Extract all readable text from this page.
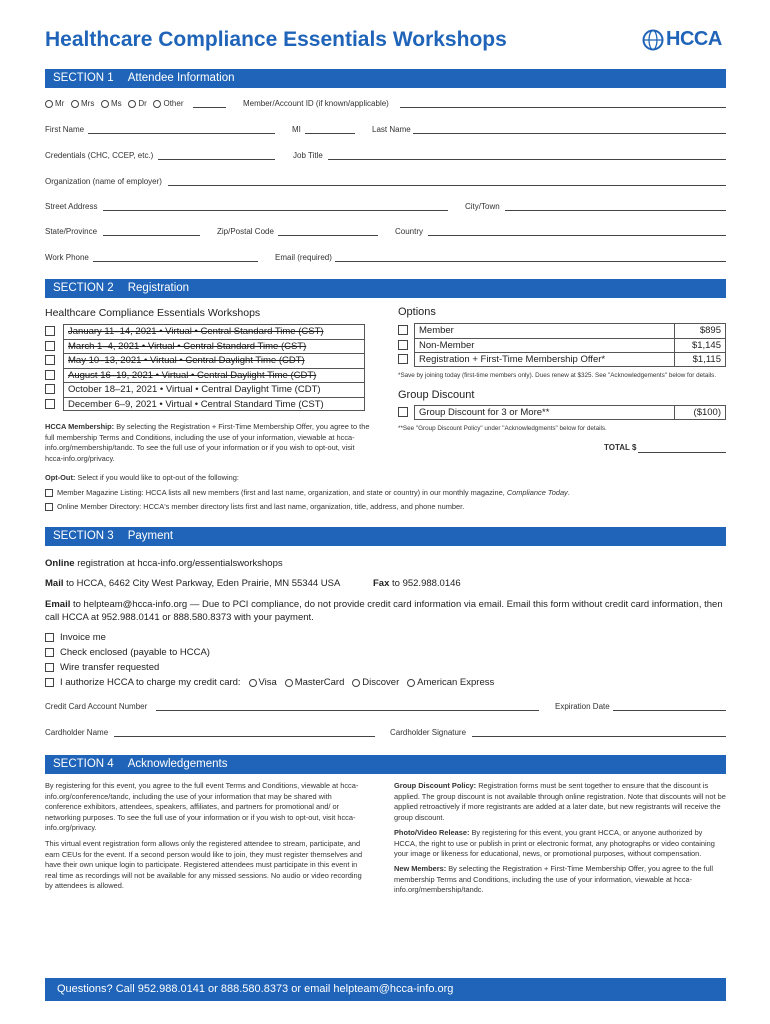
Healthcare Compliance Essentials Workshops	HCCA
SECTION 1 Attendee Information
Mr Mrs Ms Dr Other	Member/Account ID (if known/applicable)
First Name	MI	Last Name
Credentials (CHC, CCEP, etc.)	Job Title
Organization (name of employer)
Street Address	City/Town
State/Province	Zip/Postal Code	Country
Work Phone	Email (required)
SECTION 2 Registration
Healthcare Compliance Essentials Workshops
January 11–14, 2021 • Virtual • Central Standard Time (CST)
March 1–4, 2021 • Virtual • Central Standard Time (CST)
May 10–13, 2021 • Virtual • Central Daylight Time (CDT)
August 16–19, 2021 • Virtual • Central Daylight Time (CDT)
October 18–21, 2021 • Virtual • Central Daylight Time (CDT)
December 6–9, 2021 • Virtual • Central Standard Time (CST)
Options
Member	$895
Non-Member	$1,145
Registration + First-Time Membership Offer*	$1,115
*Save by joining today (first-time members only). Dues renew at $325. See "Acknowledgements" below for details.
Group Discount
Group Discount for 3 or More**	($100)
**See "Group Discount Policy" under "Acknowledgments" below for details.
TOTAL $
HCCA Membership: By selecting the Registration + First-Time Membership Offer, you agree to the full membership Terms and Conditions, including the use of your information, viewable at hcca-info.org/membership/tandc. To see the full use of your information or if you wish to opt-out, visit hcca-info.org/privacy.
Opt-Out: Select if you would like to opt-out of the following:
Member Magazine Listing: HCCA lists all new members (first and last name, organization, and state or country) in our monthly magazine, Compliance Today.
Online Member Directory: HCCA's member directory lists first and last name, organization, title, address, and phone number.
SECTION 3 Payment
Online registration at hcca-info.org/essentialsworkshops
Mail to HCCA, 6462 City West Parkway, Eden Prairie, MN 55344 USA	Fax to 952.988.0146
Email to helpteam@hcca-info.org — Due to PCI compliance, do not provide credit card information via email. Email this form without credit card information, then call HCCA at 952.988.0141 or 888.580.8373 with your payment.
Invoice me
Check enclosed (payable to HCCA)
Wire transfer requested
I authorize HCCA to charge my credit card:
Visa
MasterCard
Discover
American Express
Credit Card Account Number	Expiration Date
Cardholder Name	Cardholder Signature
SECTION 4 Acknowledgements
By registering for this event, you agree to the full event Terms and Conditions, viewable at hcca-info.org/conference/tandc, including the use of your information that may be shared with conference exhibitors, attendees, speakers, affiliates, and partners for promotional and/ or networking purposes. To see the full use of your information or if you wish to opt-out, visit hcca-info.org/privacy.
This virtual event registration form allows only the registered attendee to stream, participate, and earn CEUs for the event. If a second person would like to join, they must register themselves and have their own unique login to participate. Registered attendees must participate in this event in real time as recordings will not be available for any missed sessions. No audio or video recording by attendees is allowed.
Group Discount Policy: Registration forms must be sent together to ensure that the discount is applied. The group discount is not available through online registration. Note that discounts will not be applied retroactively if more registrants are added at a later date, but new registrants will receive the group discount.
Photo/Video Release: By registering for this event, you grant HCCA, or anyone authorized by HCCA, the right to use or publish in print or electronic format, any photographs or video containing your image or likeness for educational, news, or promotional purposes, without compensation.
New Members: By selecting the Registration + First-Time Membership Offer, you agree to the full membership Terms and Conditions, including the use of your information, viewable at hcca-info.org/membership/tandc.
Questions? Call 952.988.0141 or 888.580.8373 or email helpteam@hcca-info.org
